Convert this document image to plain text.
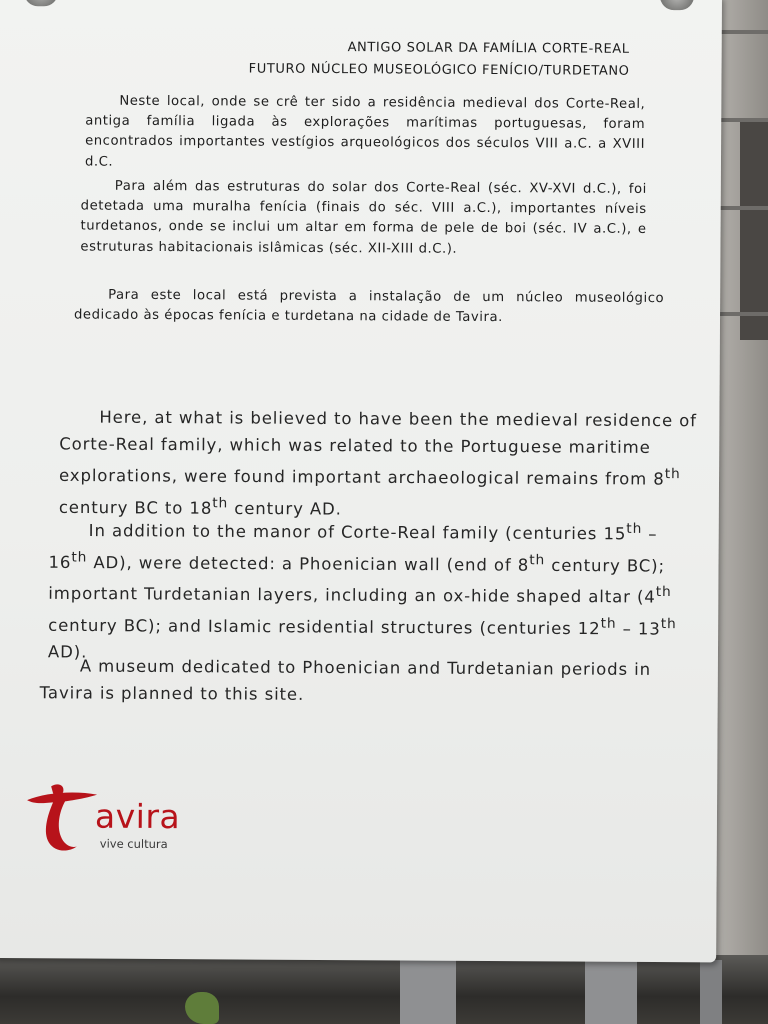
ANTIGO SOLAR DA FAMÍLIA CORTE-REAL

FUTURO NÚCLEO MUSEOLÓGICO FENÍCIO/TURDETANO

Neste local, onde se crê ter sido a residência medieval dos Corte-Real, antiga família ligada às explorações marítimas portuguesas, foram encontrados importantes vestígios arqueológicos dos séculos VIII a.C. a XVIII d.C.

Para além das estruturas do solar dos Corte-Real (séc. XV-XVI d.C.), foi detetada uma muralha fenícia (finais do séc. VIII a.C.), importantes níveis turdetanos, onde se inclui um altar em forma de pele de boi (séc. IV a.C.), e estruturas habitacionais islâmicas (séc. XII-XIII d.C.).

Para este local está prevista a instalação de um núcleo museológico dedicado às épocas fenícia e turdetana na cidade de Tavira.

Here, at what is believed to have been the medieval residence of Corte-Real family, which was related to the Portuguese maritime explorations, were found important archaeological remains from 8th century BC to 18th century AD.

In addition to the manor of Corte-Real family (centuries 15th – 16th AD), were detected: a Phoenician wall (end of 8th century BC); important Turdetanian layers, including an ox-hide shaped altar (4th century BC); and Islamic residential structures (centuries 12th – 13th AD).

A museum dedicated to Phoenician and Turdetanian periods in Tavira is planned to this site.

avira
vive cultura
